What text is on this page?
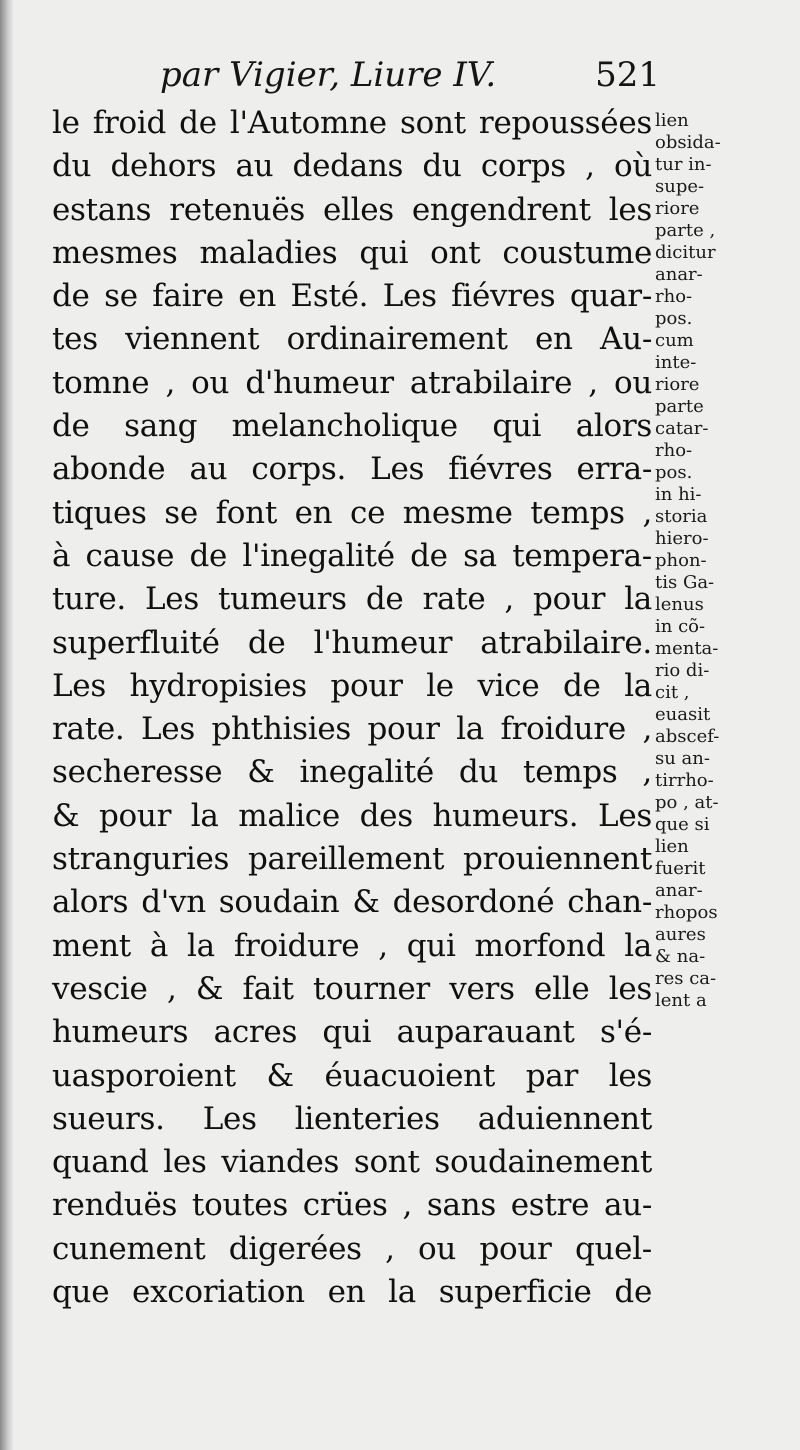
par Vigier, Liure IV.	521
le froid de l'Automne sont repoussées
du dehors au dedans du corps , où
estans retenuës elles engendrent les
mesmes maladies qui ont coustume
de se faire en Esté. Les fiévres quar-
tes viennent ordinairement en Au-
tomne , ou d'humeur atrabilaire , ou
de sang melancholique qui alors
abonde au corps. Les fiévres erra-
tiques se font en ce mesme temps ,
à cause de l'inegalité de sa tempera-
ture. Les tumeurs de rate , pour la
superfluité de l'humeur atrabilaire.
Les hydropisies pour le vice de la
rate. Les phthisies pour la froidure ,
secheresse & inegalité du temps ,
& pour la malice des humeurs. Les
stranguries pareillement prouiennent
alors d'vn soudain & desordoné chan-
ment à la froidure , qui morfond la
vescie , & fait tourner vers elle les
humeurs acres qui auparauant s'é-
uasporoient & éuacuoient par les
sueurs. Les lienteries aduiennent
quand les viandes sont soudainement
renduës toutes crües , sans estre au-
cunement digerées , ou pour quel-
que excoriation en la superficie de
lien
obsida-
tur in-
supe-
riore
parte ,
dicitur
anar-
rho-
pos.
cum
inte-
riore
parte
catar-
rho-
pos.
in hi-
storia
hiero-
phon-
tis Ga-
lenus
in cõ-
menta-
rio di-
cit ,
euasit
abscef-
su an-
tirrho-
po , at-
que si
lien
fuerit
anar-
rhopos
aures
& na-
res ca-
lent a
